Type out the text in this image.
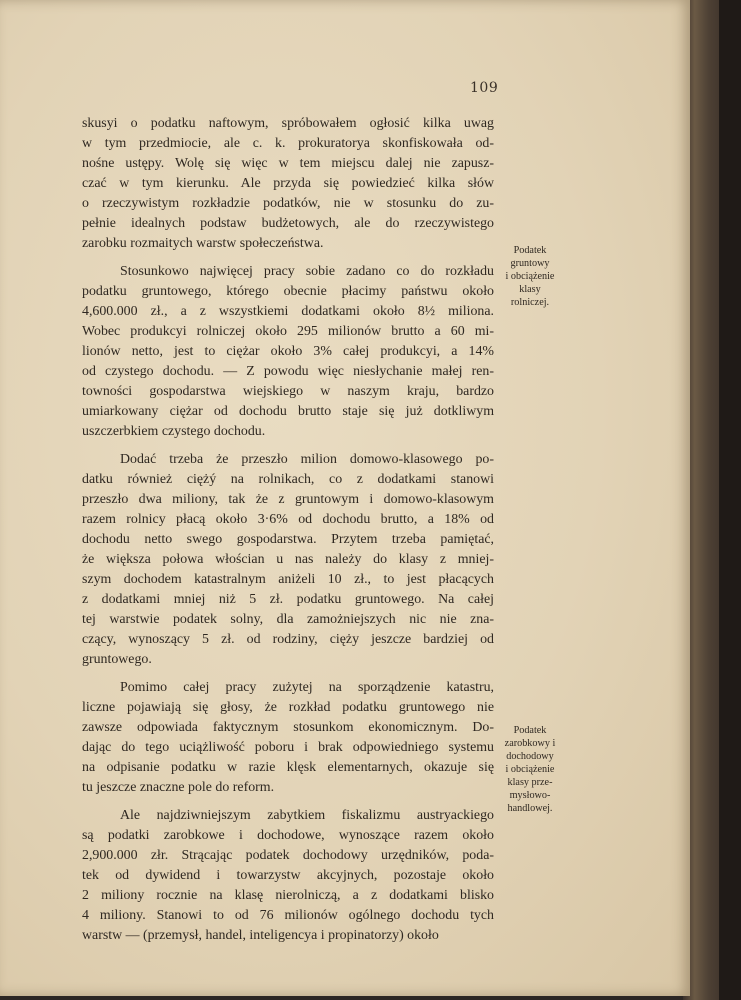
109
skusyi o podatku naftowym, spróbowałem ogłosić kilka uwag
w tym przedmiocie, ale c. k. prokuratorya skonfiskowała od-
nośne ustępy. Wolę się więc w tem miejscu dalej nie zapusz-
czać w tym kierunku. Ale przyda się powiedzieć kilka słów
o rzeczywistym rozkładzie podatków, nie w stosunku do zu-
pełnie idealnych podstaw budżetowych, ale do rzeczywistego
zarobku rozmaitych warstw społeczeństwa.
Stosunkowo najwięcej pracy sobie zadano co do rozkładu
podatku gruntowego, którego obecnie płacimy państwu około
4,600.000 zł., a z wszystkiemi dodatkami około 8½ miliona.
Wobec produkcyi rolniczej około 295 milionów brutto a 60 mi-
lionów netto, jest to ciężar około 3% całej produkcyi, a 14%
od czystego dochodu. — Z powodu więc niesłychanie małej ren-
towności gospodarstwa wiejskiego w naszym kraju, bardzo
umiarkowany ciężar od dochodu brutto staje się już dotkliwym
uszczerbkiem czystego dochodu.
Dodać trzeba że przeszło milion domowo-klasowego po-
datku również ciężý na rolnikach, co z dodatkami stanowi
przeszło dwa miliony, tak że z gruntowym i domowo-klasowym
razem rolnicy płacą około 3·6% od dochodu brutto, a 18% od
dochodu netto swego gospodarstwa. Przytem trzeba pamiętać,
że większa połowa włościan u nas należy do klasy z mniej-
szym dochodem katastralnym aniżeli 10 zł., to jest płacących
z dodatkami mniej niż 5 zł. podatku gruntowego. Na całej
tej warstwie podatek solny, dla zamożniejszych nic nie zna-
czący, wynoszący 5 zł. od rodziny, cięży jeszcze bardziej od
gruntowego.
Pomimo całej pracy zużytej na sporządzenie katastru,
liczne pojawiają się głosy, że rozkład podatku gruntowego nie
zawsze odpowiada faktycznym stosunkom ekonomicznym. Do-
dając do tego uciążliwość poboru i brak odpowiedniego systemu
na odpisanie podatku w razie klęsk elementarnych, okazuje się
tu jeszcze znaczne pole do reform.
Ale najdziwniejszym zabytkiem fiskalizmu austryackiego
są podatki zarobkowe i dochodowe, wynoszące razem około
2,900.000 złr. Strącając podatek dochodowy urzędników, poda-
tek od dywidend i towarzystw akcyjnych, pozostaje około
2 miliony rocznie na klasę nierolniczą, a z dodatkami blisko
4 miliony. Stanowi to od 76 milionów ogólnego dochodu tych
warstw — (przemysł, handel, inteligencya i propinatorzy) około
Podatek
gruntowy
i obciążenie
klasy
rolniczej.
Podatek
zarobkowy i
dochodowy
i obciążenie
klasy prze-
mysłowo-
handlowej.
